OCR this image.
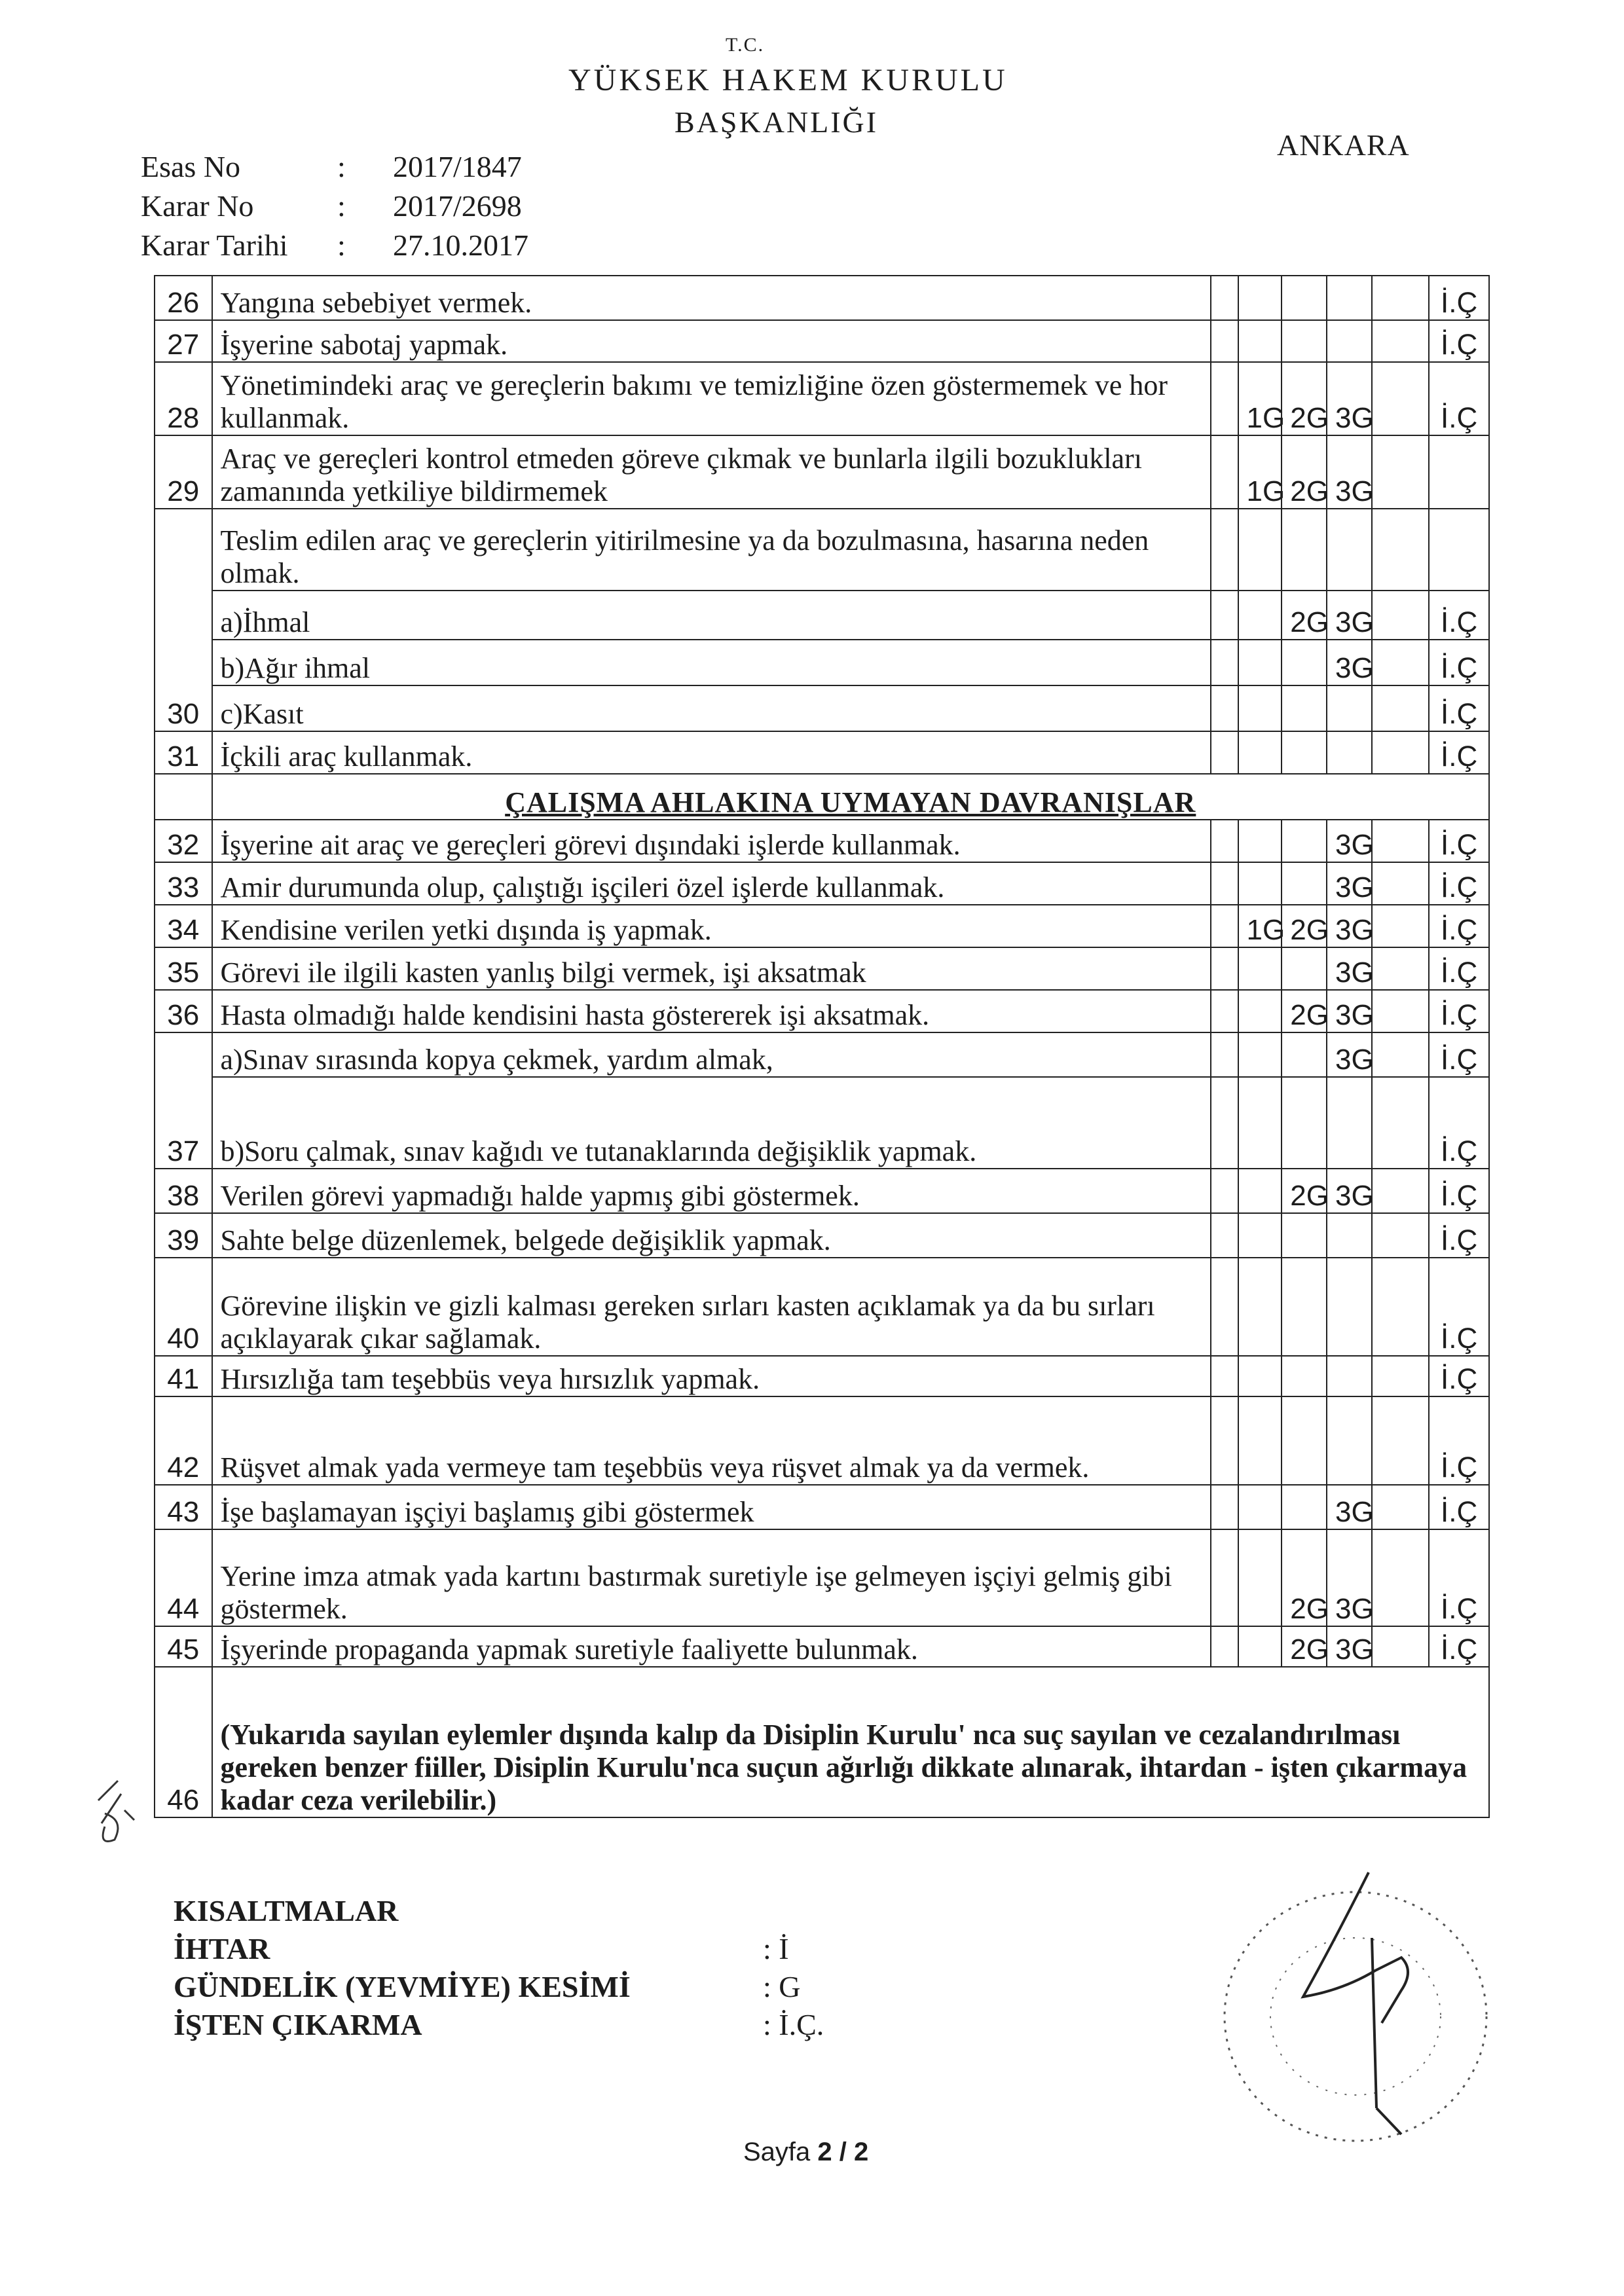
T.C.
YÜKSEK HAKEM KURULU
BAŞKANLIĞI
ANKARA
Esas No	:	2017/1847
Karar No	:	2017/2698
Karar Tarihi	:	27.10.2017
26	Yangına sebebiyet vermek.						İ.Ç
27	İşyerine sabotaj yapmak.						İ.Ç
28	Yönetimindeki araç ve gereçlerin bakımı ve temizliğine özen göstermemek ve hor kullanmak.		1G	2G	3G		İ.Ç
29	Araç ve gereçleri kontrol etmeden göreve çıkmak ve bunlarla ilgili bozuklukları zamanında yetkiliye bildirmemek		1G	2G	3G		
30	Teslim edilen araç ve gereçlerin yitirilmesine ya da bozulmasına, hasarına neden olmak.						
	a)İhmal			2G	3G		İ.Ç
	b)Ağır ihmal				3G		İ.Ç
	c)Kasıt						İ.Ç
31	İçkili araç kullanmak.						İ.Ç
	ÇALIŞMA AHLAKINA UYMAYAN DAVRANIŞLAR						
32	İşyerine ait araç ve gereçleri görevi dışındaki işlerde kullanmak.				3G		İ.Ç
33	Amir durumunda olup, çalıştığı işçileri özel işlerde kullanmak.				3G		İ.Ç
34	Kendisine verilen yetki dışında iş yapmak.		1G	2G	3G		İ.Ç
35	Görevi ile ilgili kasten yanlış bilgi vermek, işi aksatmak				3G		İ.Ç
36	Hasta olmadığı halde kendisini hasta göstererek işi aksatmak.			2G	3G		İ.Ç
37	a)Sınav sırasında kopya çekmek, yardım almak,				3G		İ.Ç
	b)Soru çalmak, sınav kağıdı ve tutanaklarında değişiklik yapmak.						İ.Ç
38	Verilen görevi yapmadığı halde yapmış gibi göstermek.			2G	3G		İ.Ç
39	Sahte belge düzenlemek, belgede değişiklik yapmak.						İ.Ç
40	Görevine ilişkin ve gizli kalması gereken sırları kasten açıklamak ya da bu sırları açıklayarak çıkar sağlamak.						İ.Ç
41	Hırsızlığa tam teşebbüs veya hırsızlık yapmak.						İ.Ç
42	Rüşvet almak yada vermeye tam teşebbüs veya rüşvet almak ya da vermek.						İ.Ç
43	İşe başlamayan işçiyi başlamış gibi göstermek				3G		İ.Ç
44	Yerine imza atmak yada kartını bastırmak suretiyle işe gelmeyen işçiyi gelmiş gibi göstermek.			2G	3G		İ.Ç
45	İşyerinde propaganda yapmak suretiyle faaliyette bulunmak.			2G	3G		İ.Ç
46	(Yukarıda sayılan eylemler dışında kalıp da Disiplin Kurulu' nca suç sayılan ve cezalandırılması gereken benzer fiiller, Disiplin Kurulu'nca suçun ağırlığı dikkate alınarak, ihtardan - işten çıkarmaya kadar ceza verilebilir.)						
KISALTMALAR
İHTAR	: İ
GÜNDELİK (YEVMİYE) KESİMİ	: G
İŞTEN ÇIKARMA	: İ.Ç.
Sayfa 2 / 2
